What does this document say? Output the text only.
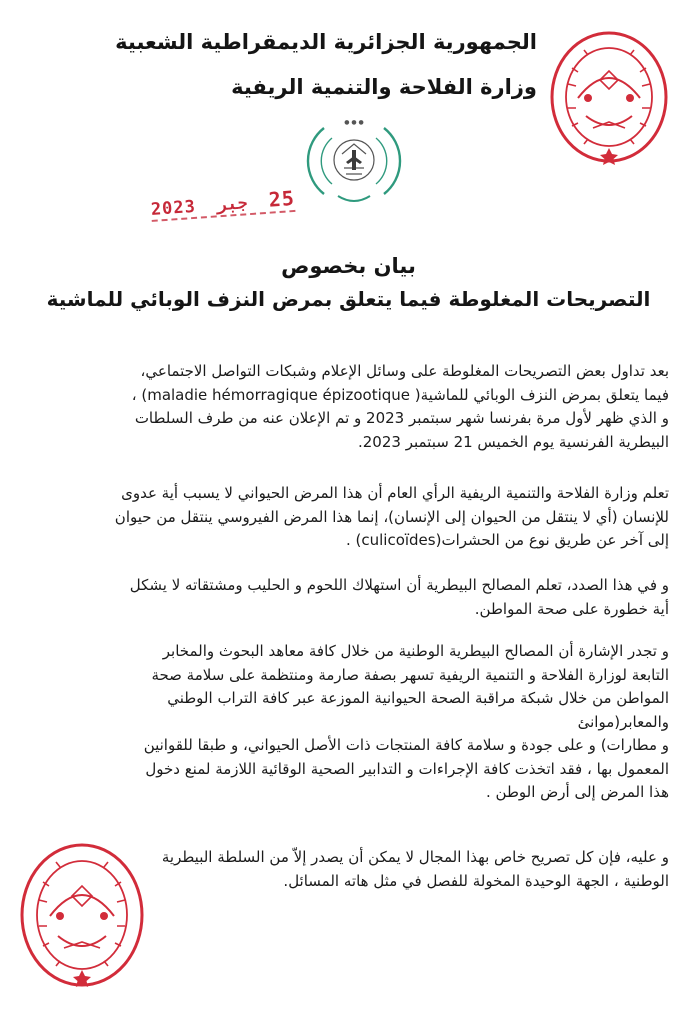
الجمهورية الجزائرية الديمقراطية الشعبية
وزارة الفلاحة والتنمية الريفية
● ● ●
2023 جبر 25
بيان بخصوص
التصريحات المغلوطة فيما يتعلق بمرض النزف الوبائي للماشية
بعد تداول بعض التصريحات المغلوطة على وسائل الإعلام وشبكات التواصل الاجتماعي،
فيما يتعلق بمرض النزف الوبائي للماشية( maladie hémorragique épizootique) ،
و الذي ظهر لأول مرة بفرنسا شهر سبتمبر 2023 و تم الإعلان عنه من طرف السلطات
البيطرية الفرنسية يوم الخميس 21 سبتمبر 2023.
تعلم وزارة الفلاحة والتنمية الريفية الرأي العام أن هذا المرض الحيواني لا يسبب أية عدوى
للإنسان (أي لا ينتقل من الحيوان إلى الإنسان)، إنما هذا المرض الفيروسي ينتقل من حيوان
إلى آخر عن طريق نوع من الحشرات(culicoïdes) .
و في هذا الصدد، تعلم المصالح البيطرية أن استهلاك اللحوم و الحليب ومشتقاته لا يشكل
أية خطورة على صحة المواطن.
و تجدر الإشارة أن المصالح البيطرية الوطنية من خلال كافة معاهد البحوث والمخابر
التابعة لوزارة الفلاحة و التنمية الريفية تسهر بصفة صارمة ومنتظمة على سلامة صحة
المواطن من خلال شبكة مراقبة الصحة الحيوانية الموزعة عبر كافة التراب الوطني
والمعابر(موانئ
و مطارات) و على جودة و سلامة كافة المنتجات ذات الأصل الحيواني، و طبقا للقوانين
المعمول بها ، فقد اتخذت كافة الإجراءات و التدابير الصحية الوقائية اللازمة لمنع دخول
هذا المرض إلى أرض الوطن .
و عليه، فإن كل تصريح خاص بهذا المجال لا يمكن أن يصدر إلاّ من السلطة البيطرية
الوطنية ، الجهة الوحيدة المخولة للفصل في مثل هاته المسائل.
